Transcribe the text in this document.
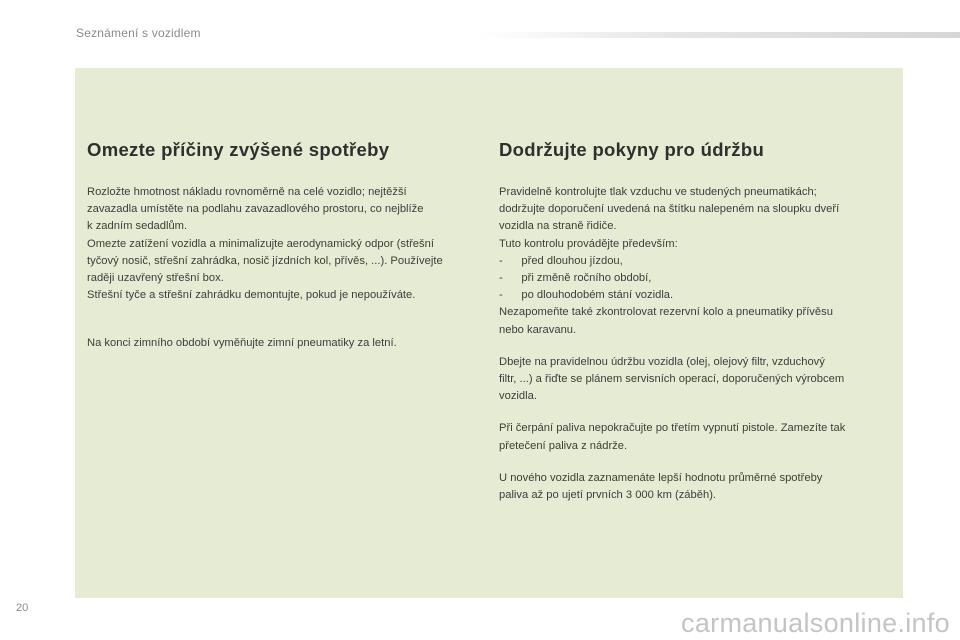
Seznámení s vozidlem
Omezte příčiny zvýšené spotřeby

Rozložte hmotnost nákladu rovnoměrně na celé vozidlo; nejtěžší
zavazadla umístěte na podlahu zavazadlového prostoru, co nejblíže
k zadním sedadlům.
Omezte zatížení vozidla a minimalizujte aerodynamický odpor (střešní
tyčový nosič, střešní zahrádka, nosič jízdních kol, přívěs, ...). Používejte
raději uzavřený střešní box.
Střešní tyče a střešní zahrádku demontujte, pokud je nepoužíváte.

Na konci zimního období vyměňujte zimní pneumatiky za letní.

Dodržujte pokyny pro údržbu

Pravidelně kontrolujte tlak vzduchu ve studených pneumatikách;
dodržujte doporučení uvedená na štítku nalepeném na sloupku dveří
vozidla na straně řidiče.
Tuto kontrolu provádějte především:
-      před dlouhou jízdou,
-      při změně ročního období,
-      po dlouhodobém stání vozidla.
Nezapomeňte také zkontrolovat rezervní kolo a pneumatiky přívěsu
nebo karavanu.

Dbejte na pravidelnou údržbu vozidla (olej, olejový filtr, vzduchový
filtr, ...) a řiďte se plánem servisních operací, doporučených výrobcem
vozidla.

Při čerpání paliva nepokračujte po třetím vypnutí pistole. Zamezíte tak
přetečení paliva z nádrže.

U nového vozidla zaznamenáte lepší hodnotu průměrné spotřeby
paliva až po ujetí prvních 3 000 km (záběh).

20	carmanualsonline.info
